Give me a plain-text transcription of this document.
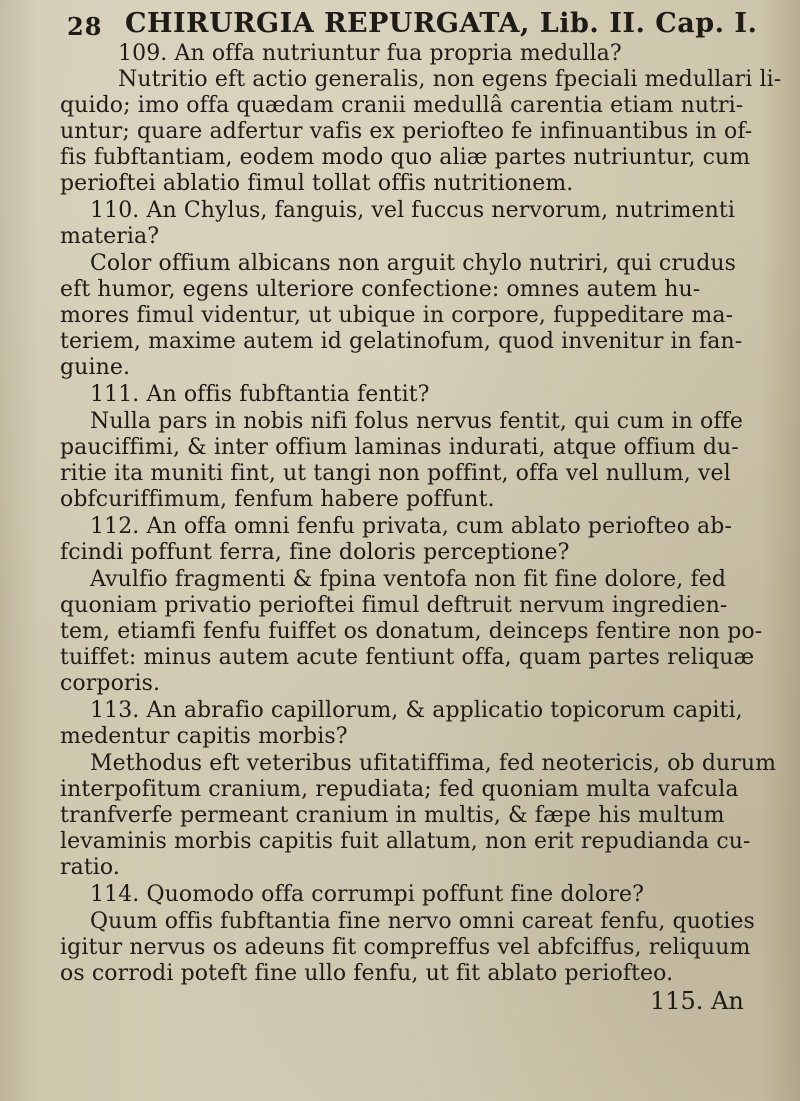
28 CHIRURGIA REPURGATA, Lib. II. Cap. I.
109. An offa nutriuntur fua propria medulla?
Nutritio eft actio generalis, non egens fpeciali medullari li-
quido; imo offa quædam cranii medullâ carentia etiam nutri-
untur; quare adfertur vafis ex periofteo fe infinuantibus in of-
fis fubftantiam, eodem modo quo aliæ partes nutriuntur, cum
perioftei ablatio fimul tollat offis nutritionem.
110. An Chylus, fanguis, vel fuccus nervorum, nutrimenti
materia?
Color offium albicans non arguit chylo nutriri, qui crudus
eft humor, egens ulteriore confectione: omnes autem hu-
mores fimul videntur, ut ubique in corpore, fuppeditare ma-
teriem, maxime autem id gelatinofum, quod invenitur in fan-
guine.
111. An offis fubftantia fentit?
Nulla pars in nobis nifi folus nervus fentit, qui cum in offe
pauciffimi, & inter offium laminas indurati, atque offium du-
ritie ita muniti fint, ut tangi non poffint, offa vel nullum, vel
obfcuriffimum, fenfum habere poffunt.
112. An offa omni fenfu privata, cum ablato periofteo ab-
fcindi poffunt ferra, fine doloris perceptione?
Avulfio fragmenti & fpina ventofa non fit fine dolore, fed
quoniam privatio perioftei fimul deftruit nervum ingredien-
tem, etiamfi fenfu fuiffet os donatum, deinceps fentire non po-
tuiffet: minus autem acute fentiunt offa, quam partes reliquæ
corporis.
113. An abrafio capillorum, & applicatio topicorum capiti,
medentur capitis morbis?
Methodus eft veteribus ufitatiffima, fed neotericis, ob durum
interpofitum cranium, repudiata; fed quoniam multa vafcula
tranfverfe permeant cranium in multis, & fæpe his multum
levaminis morbis capitis fuit allatum, non erit repudianda cu-
ratio.
114. Quomodo offa corrumpi poffunt fine dolore?
Quum offis fubftantia fine nervo omni careat fenfu, quoties
igitur nervus os adeuns fit compreffus vel abfciffus, reliquum
os corrodi poteft fine ullo fenfu, ut fit ablato periofteo.
115. An
